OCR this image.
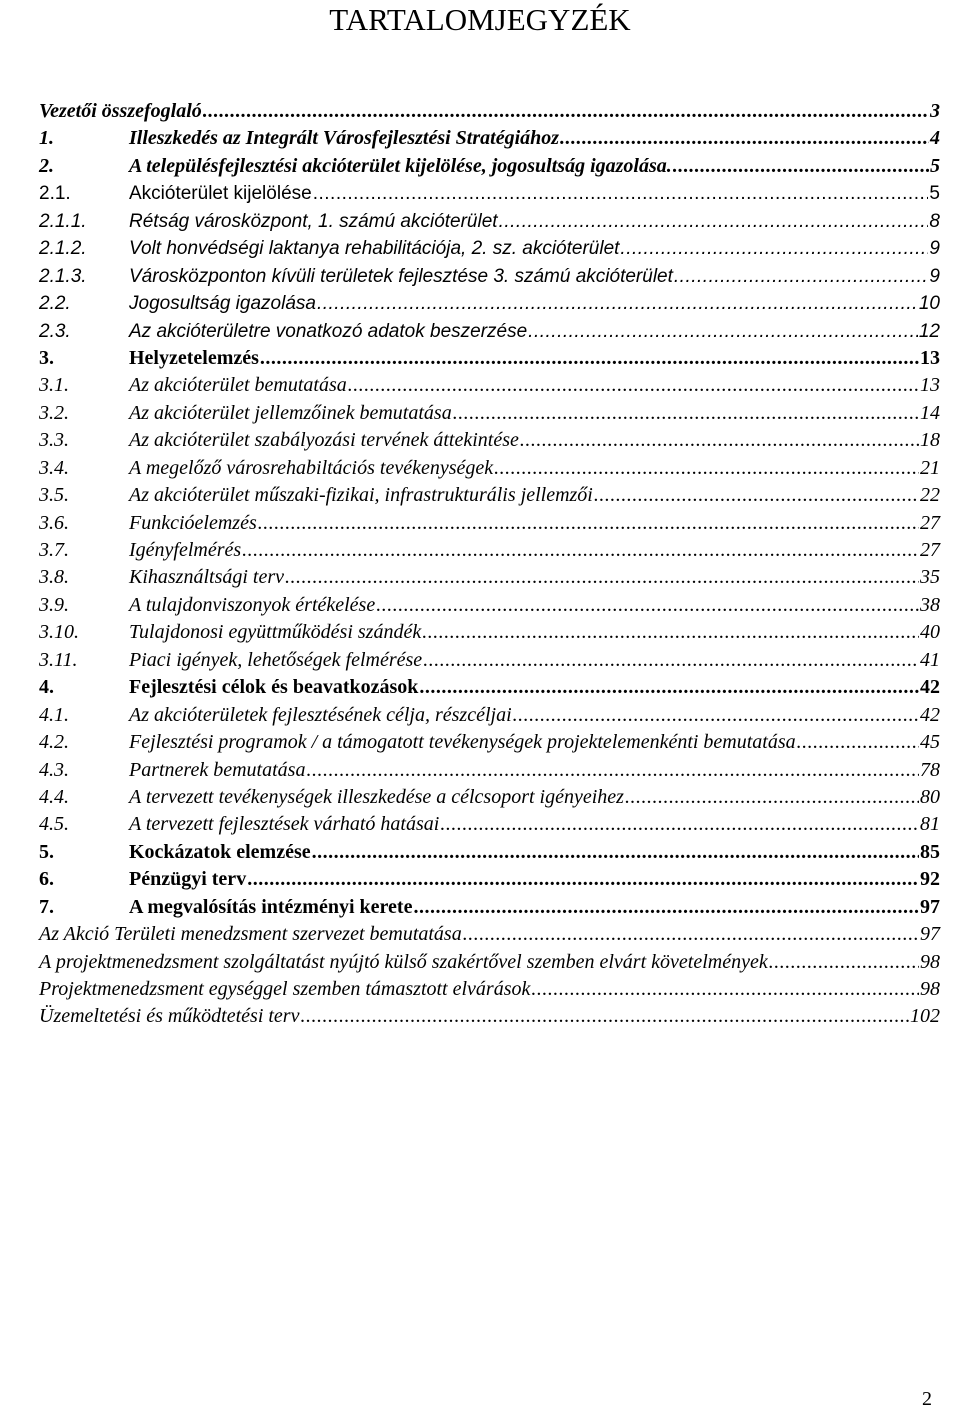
TARTALOMJEGYZÉK
Vezetői összefoglaló .....	3
1.	Illeszkedés az Integrált Városfejlesztési Stratégiához .....	4
2.	A településfejlesztési akcióterület kijelölése, jogosultság igazolása. .....	5
2.1.	Akcióterület kijelölése .....	5
2.1.1.	Rétság városközpont, 1. számú akcióterület .....	8
2.1.2.	Volt honvédségi laktanya rehabilitációja, 2. sz. akcióterület .....	9
2.1.3.	Városközponton kívüli területek fejlesztése 3. számú akcióterület .....	9
2.2.	Jogosultság igazolása .....	10
2.3.	Az akcióterületre vonatkozó adatok beszerzése .....	12
3.	Helyzetelemzés .....	13
3.1.	Az akcióterület bemutatása .....	13
3.2.	Az akcióterület jellemzőinek bemutatása .....	14
3.3.	Az akcióterület szabályozási tervének áttekintése .....	18
3.4.	A megelőző városrehabiltációs tevékenységek .....	21
3.5.	Az akcióterület műszaki-fizikai, infrastrukturális jellemzői .....	22
3.6.	Funkcióelemzés .....	27
3.7.	Igényfelmérés .....	27
3.8.	Kihasználtsági terv .....	35
3.9.	A tulajdonviszonyok értékelése .....	38
3.10.	Tulajdonosi együttműködési szándék .....	40
3.11.	Piaci igények, lehetőségek felmérése .....	41
4.	Fejlesztési célok és beavatkozások .....	42
4.1.	Az akcióterületek fejlesztésének célja, részcéljai .....	42
4.2.	Fejlesztési programok / a támogatott tevékenységek projektelemenkénti bemutatása .....	45
4.3.	Partnerek bemutatása .....	78
4.4.	A tervezett tevékenységek illeszkedése a célcsoport igényeihez .....	80
4.5.	A tervezett fejlesztések várható hatásai .....	81
5.	Kockázatok elemzése .....	85
6.	Pénzügyi terv .....	92
7.	A megvalósítás intézményi kerete .....	97
Az Akció Területi menedzsment szervezet bemutatása .....	97
A projektmenedzsment szolgáltatást nyújtó külső szakértővel szemben elvárt követelmények .....	98
Projektmenedzsment egységgel szemben támasztott elvárások .....	98
Üzemeltetési és működtetési terv .....	102
2
